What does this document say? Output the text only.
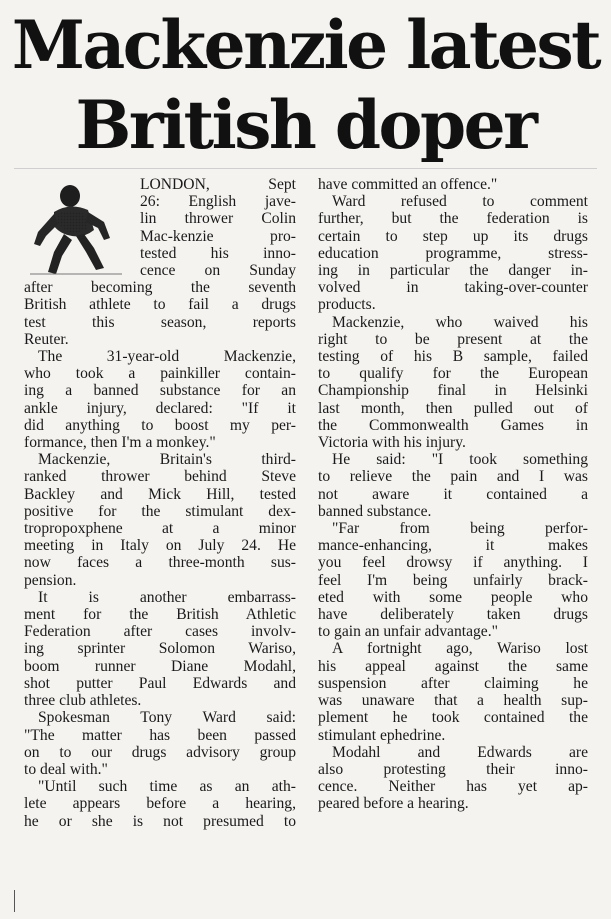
Mackenzie latest
British doper
LONDON, Sept
26: English jave-
lin thrower Colin
Mac-kenzie pro-
tested his inno-
cence on Sunday
after becoming the seventh
British athlete to fail a drugs
test this season, reports
Reuter.
The 31-year-old Mackenzie,
who took a painkiller contain-
ing a banned substance for an
ankle injury, declared: "If it
did anything to boost my per-
formance, then I'm a monkey."
Mackenzie, Britain's third-
ranked thrower behind Steve
Backley and Mick Hill, tested
positive for the stimulant dex-
tropropoxphene at a minor
meeting in Italy on July 24. He
now faces a three-month sus-
pension.
It is another embarrass-
ment for the British Athletic
Federation after cases involv-
ing sprinter Solomon Wariso,
boom runner Diane Modahl,
shot putter Paul Edwards and
three club athletes.
Spokesman Tony Ward said:
"The matter has been passed
on to our drugs advisory group
to deal with."
"Until such time as an ath-
lete appears before a hearing,
he or she is not presumed to
have committed an offence."
Ward refused to comment
further, but the federation is
certain to step up its drugs
education programme, stress-
ing in particular the danger in-
volved in taking-over-counter
products.
Mackenzie, who waived his
right to be present at the
testing of his B sample, failed
to qualify for the European
Championship final in Helsinki
last month, then pulled out of
the Commonwealth Games in
Victoria with his injury.
He said: "I took something
to relieve the pain and I was
not aware it contained a
banned substance.
"Far from being perfor-
mance-enhancing, it makes
you feel drowsy if anything. I
feel I'm being unfairly brack-
eted with some people who
have deliberately taken drugs
to gain an unfair advantage."
A fortnight ago, Wariso lost
his appeal against the same
suspension after claiming he
was unaware that a health sup-
plement he took contained the
stimulant ephedrine.
Modahl and Edwards are
also protesting their inno-
cence. Neither has yet ap-
peared before a hearing.
